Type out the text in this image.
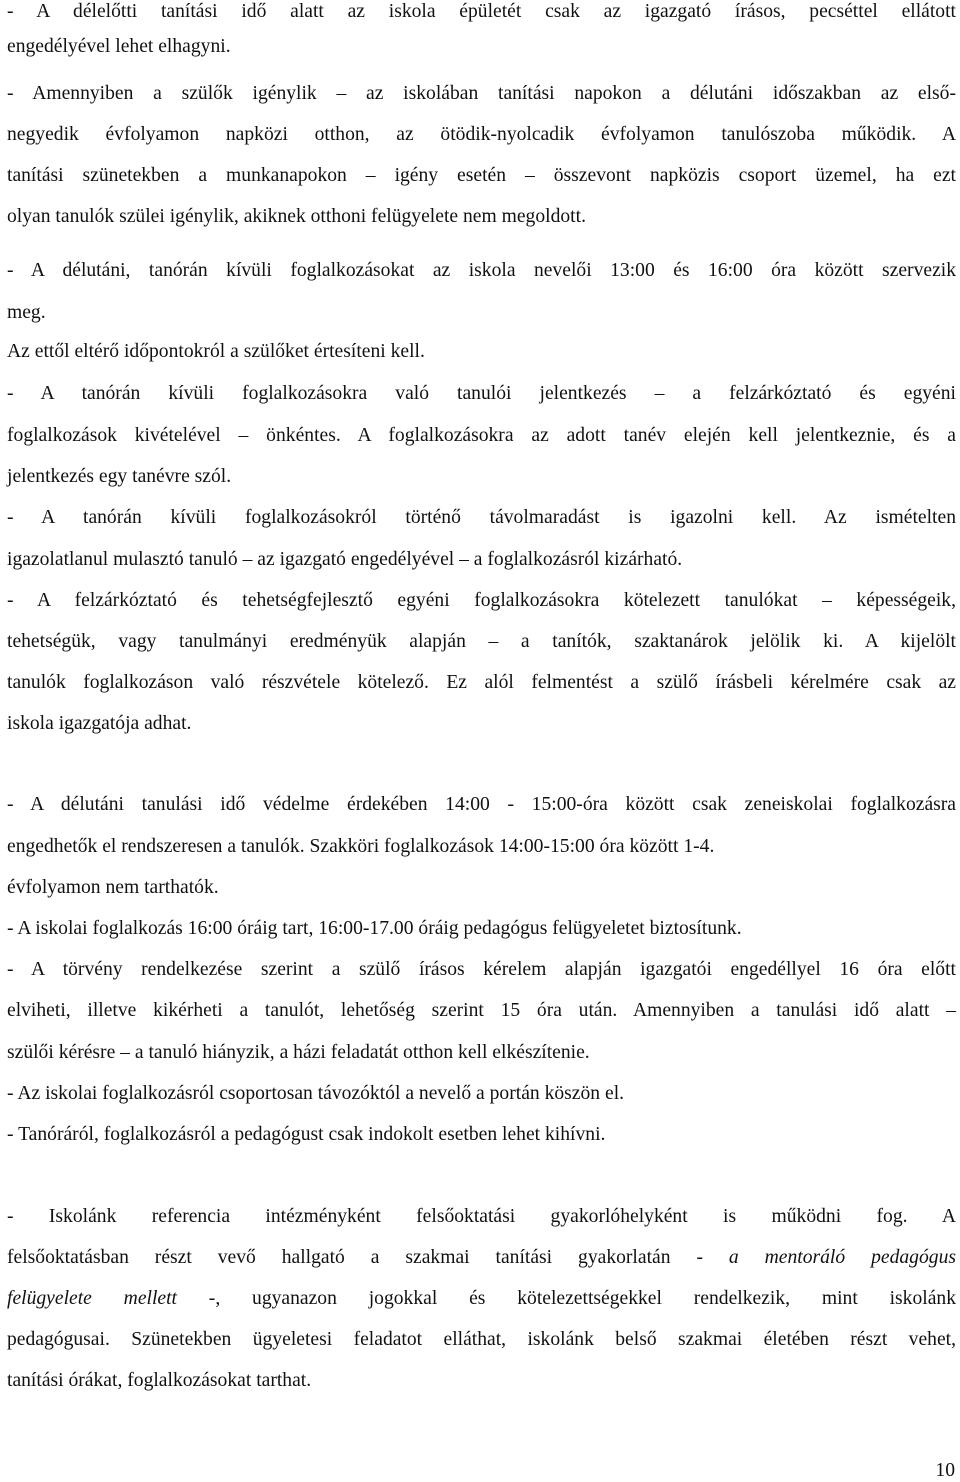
- A délelőtti tanítási idő alatt az iskola épületét csak az igazgató írásos, pecséttel ellátott
engedélyével lehet elhagyni.
- Amennyiben a szülők igénylik – az iskolában tanítási napokon a délutáni időszakban az első-
negyedik évfolyamon napközi otthon, az ötödik-nyolcadik évfolyamon tanulószoba működik. A
tanítási szünetekben a munkanapokon – igény esetén – összevont napközis csoport üzemel, ha ezt
olyan tanulók szülei igénylik, akiknek otthoni felügyelete nem megoldott.
- A délutáni, tanórán kívüli foglalkozásokat az iskola nevelői 13:00 és 16:00 óra között szervezik
meg.
Az ettől eltérő időpontokról a szülőket értesíteni kell.
- A tanórán kívüli foglalkozásokra való tanulói jelentkezés – a felzárkóztató és egyéni
foglalkozások kivételével – önkéntes. A foglalkozásokra az adott tanév elején kell jelentkeznie, és a
jelentkezés egy tanévre szól.
- A tanórán kívüli foglalkozásokról történő távolmaradást is igazolni kell. Az ismételten
igazolatlanul mulasztó tanuló – az igazgató engedélyével – a foglalkozásról kizárható.
- A felzárkóztató és tehetségfejlesztő egyéni foglalkozásokra kötelezett tanulókat – képességeik,
tehetségük, vagy tanulmányi eredményük alapján – a tanítók, szaktanárok jelölik ki. A kijelölt
tanulók foglalkozáson való részvétele kötelező. Ez alól felmentést a szülő írásbeli kérelmére csak az
iskola igazgatója adhat.
- A délutáni tanulási idő védelme érdekében 14:00 - 15:00-óra között csak zeneiskolai foglalkozásra
engedhetők el rendszeresen a tanulók. Szakköri foglalkozások 14:00-15:00 óra között 1-4.
évfolyamon nem tarthatók.
- A iskolai foglalkozás 16:00 óráig tart, 16:00-17.00 óráig pedagógus felügyeletet biztosítunk.
- A törvény rendelkezése szerint a szülő írásos kérelem alapján igazgatói engedéllyel 16 óra előtt
elviheti, illetve kikérheti a tanulót, lehetőség szerint 15 óra után. Amennyiben a tanulási idő alatt –
szülői kérésre – a tanuló hiányzik, a házi feladatát otthon kell elkészítenie.
- Az iskolai foglalkozásról csoportosan távozóktól a nevelő a portán köszön el.
- Tanóráról, foglalkozásról a pedagógust csak indokolt esetben lehet kihívni.
- Iskolánk referencia intézményként felsőoktatási gyakorlóhelyként is működni fog. A
felsőoktatásban részt vevő hallgató a szakmai tanítási gyakorlatán - a mentoráló pedagógus
felügyelete mellett -, ugyanazon jogokkal és kötelezettségekkel rendelkezik, mint iskolánk
pedagógusai. Szünetekben ügyeletesi feladatot elláthat, iskolánk belső szakmai életében részt vehet,
tanítási órákat, foglalkozásokat tarthat.
10
